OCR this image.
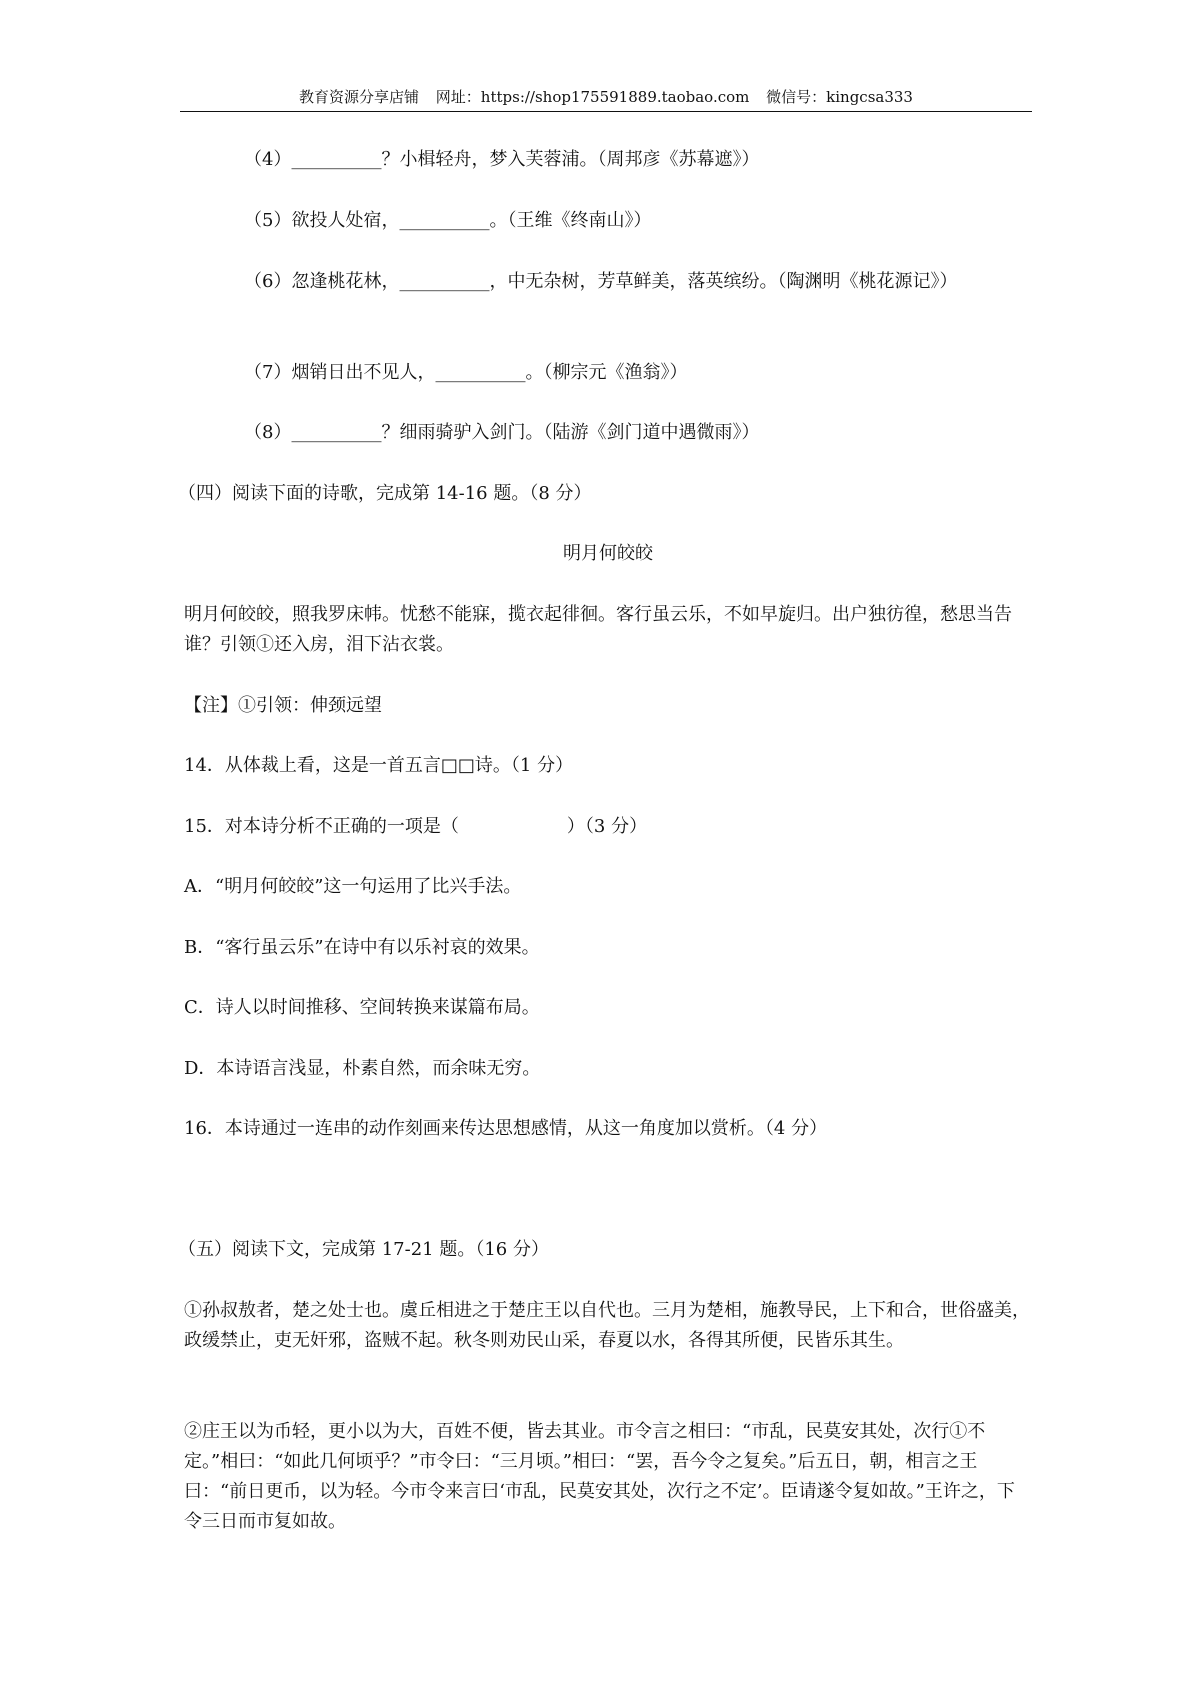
教育资源分享店铺 网址：https://shop175591889.taobao.com 微信号：kingcsa333
（4）__________？小楫轻舟，梦入芙蓉浦。（周邦彦《苏幕遮》）
（5）欲投人处宿，__________。（王维《终南山》）
（6）忽逢桃花林，__________，中无杂树，芳草鲜美，落英缤纷。（陶渊明《桃花源记》）
（7）烟销日出不见人，__________。（柳宗元《渔翁》）
（8）__________？细雨骑驴入剑门。（陆游《剑门道中遇微雨》）
（四）阅读下面的诗歌，完成第 14-16 题。（8 分）
明月何皎皎
明月何皎皎，照我罗床帏。忧愁不能寐，揽衣起徘徊。客行虽云乐，不如早旋归。出户独彷徨，愁思当告谁？引领①还入房，泪下沾衣裳。
【注】①引领：伸颈远望
14．从体裁上看，这是一首五言□□诗。（1 分）
15．对本诗分析不正确的一项是（　　　　　　）（3 分）
A．“明月何皎皎”这一句运用了比兴手法。
B．“客行虽云乐”在诗中有以乐衬哀的效果。
C．诗人以时间推移、空间转换来谋篇布局。
D．本诗语言浅显，朴素自然，而余味无穷。
16．本诗通过一连串的动作刻画来传达思想感情，从这一角度加以赏析。（4 分）
（五）阅读下文，完成第 17-21 题。（16 分）
①孙叔敖者，楚之处士也。虞丘相进之于楚庄王以自代也。三月为楚相，施教导民，上下和合，世俗盛美，政缓禁止，吏无奸邪，盗贼不起。秋冬则劝民山采，春夏以水，各得其所便，民皆乐其生。
②庄王以为币轻，更小以为大，百姓不便，皆去其业。市令言之相曰：“市乱，民莫安其处，次行①不定。”相曰：“如此几何顷乎？”市令曰：“三月顷。”相曰：“罢，吾今令之复矣。”后五日，朝，相言之王曰：“前日更币，以为轻。今市令来言曰‘市乱，民莫安其处，次行之不定’。臣请遂令复如故。”王许之，下令三日而市复如故。
